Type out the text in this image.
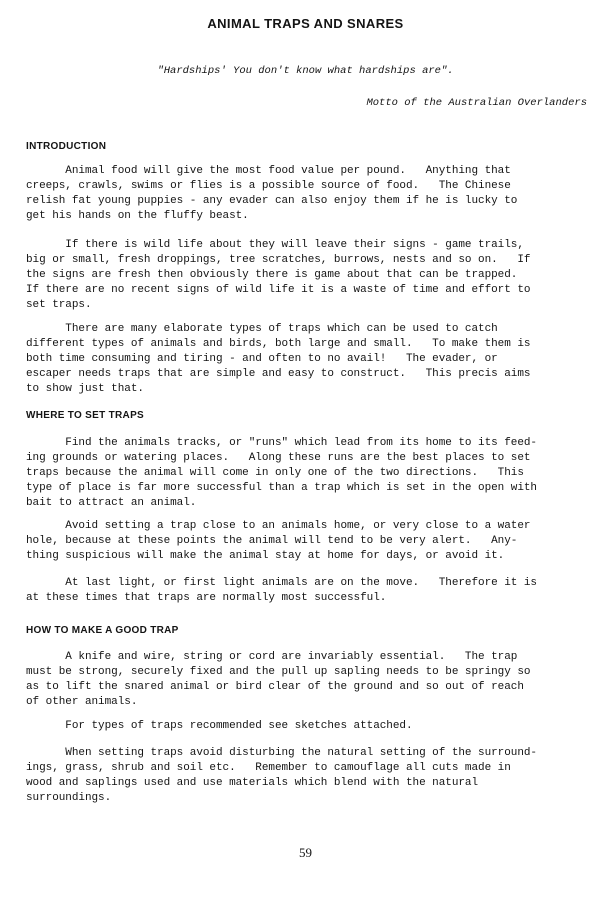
ANIMAL TRAPS AND SNARES
"Hardships' You don't know what hardships are".
Motto of the Australian Overlanders
INTRODUCTION

Animal food will give the most food value per pound.   Anything that
creeps, crawls, swims or flies is a possible source of food.   The Chinese
relish fat young puppies - any evader can also enjoy them if he is lucky to
get his hands on the fluffy beast.

If there is wild life about they will leave their signs - game trails,
big or small, fresh droppings, tree scratches, burrows, nests and so on.   If
the signs are fresh then obviously there is game about that can be trapped.
If there are no recent signs of wild life it is a waste of time and effort to
set traps.

There are many elaborate types of traps which can be used to catch
different types of animals and birds, both large and small.   To make them is
both time consuming and tiring - and often to no avail!   The evader, or
escaper needs traps that are simple and easy to construct.   This precis aims
to show just that.

WHERE TO SET TRAPS

Find the animals tracks, or "runs" which lead from its home to its feed-
ing grounds or watering places.   Along these runs are the best places to set
traps because the animal will come in only one of the two directions.   This
type of place is far more successful than a trap which is set in the open with
bait to attract an animal.

Avoid setting a trap close to an animals home, or very close to a water
hole, because at these points the animal will tend to be very alert.   Any-
thing suspicious will make the animal stay at home for days, or avoid it.

At last light, or first light animals are on the move.   Therefore it is
at these times that traps are normally most successful.

HOW TO MAKE A GOOD TRAP

A knife and wire, string or cord are invariably essential.   The trap
must be strong, securely fixed and the pull up sapling needs to be springy so
as to lift the snared animal or bird clear of the ground and so out of reach
of other animals.

For types of traps recommended see sketches attached.

When setting traps avoid disturbing the natural setting of the surround-
ings, grass, shrub and soil etc.   Remember to camouflage all cuts made in
wood and saplings used and use materials which blend with the natural
surroundings.

59
